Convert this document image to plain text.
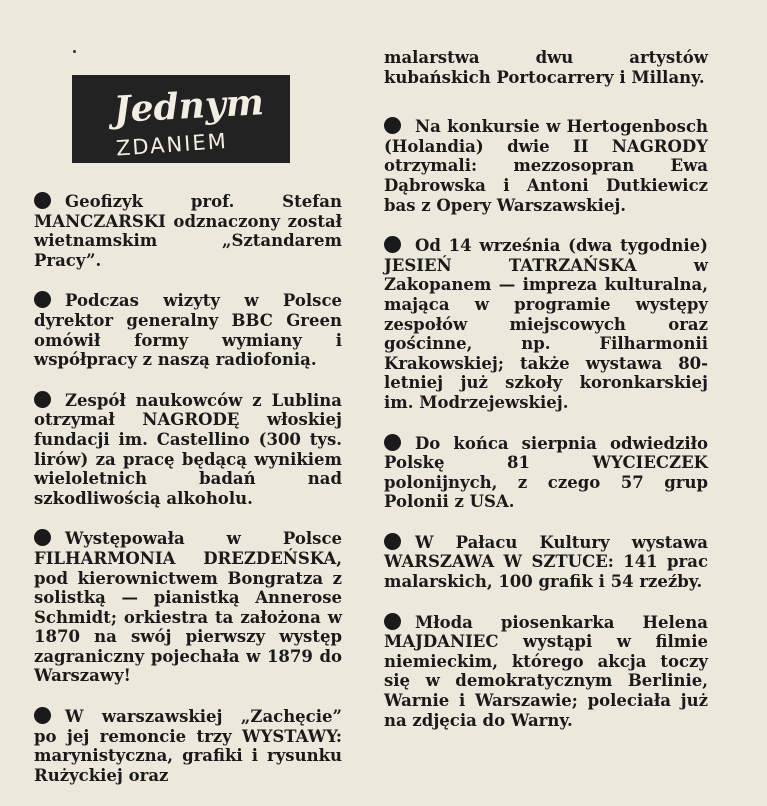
Jednym
ZDANIEM

Geofizyk prof. Stefan MANCZARSKI odznaczony został wietnamskim „Sztandarem Pracy”.

Podczas wizyty w Polsce dyrektor generalny BBC Green omówił formy wymiany i współpracy z naszą radiofonią.

Zespół naukowców z Lublina otrzymał NAGRODĘ włoskiej fundacji im. Castellino (300 tys. lirów) za pracę będącą wynikiem wieloletnich badań nad szkodliwością alkoholu.

Występowała w Polsce FILHARMONIA DREZDEŃSKA, pod kierownictwem Bongratza z solistką — pianistką Annerose Schmidt; orkiestra ta założona w 1870 na swój pierwszy występ zagraniczny pojechała w 1879 do Warszawy!

W warszawskiej „Zachęcie” po jej remoncie trzy WYSTAWY: marynistyczna, grafiki i rysunku Rużyckiej oraz

malarstwa dwu artystów kubańskich Portocarrery i Millany.

Na konkursie w Hertogenbosch (Holandia) dwie II NAGRODY otrzymali: mezzosopran Ewa Dąbrowska i Antoni Dutkiewicz bas z Opery Warszawskiej.

Od 14 września (dwa tygodnie) JESIEŃ TATRZAŃSKA w Zakopanem — impreza kulturalna, mająca w programie występy zespołów miejscowych oraz gościnne, np. Filharmonii Krakowskiej; także wystawa 80-letniej już szkoły koronkarskiej im. Modrzejewskiej.

Do końca sierpnia odwiedziło Polskę 81 WYCIECZEK polonijnych, z czego 57 grup Polonii z USA.

W Pałacu Kultury wystawa WARSZAWA W SZTUCE: 141 prac malarskich, 100 grafik i 54 rzeźby.

Młoda piosenkarka Helena MAJDANIEC wystąpi w filmie niemieckim, którego akcja toczy się w demokratycznym Berlinie, Warnie i Warszawie; poleciała już na zdjęcia do Warny.
